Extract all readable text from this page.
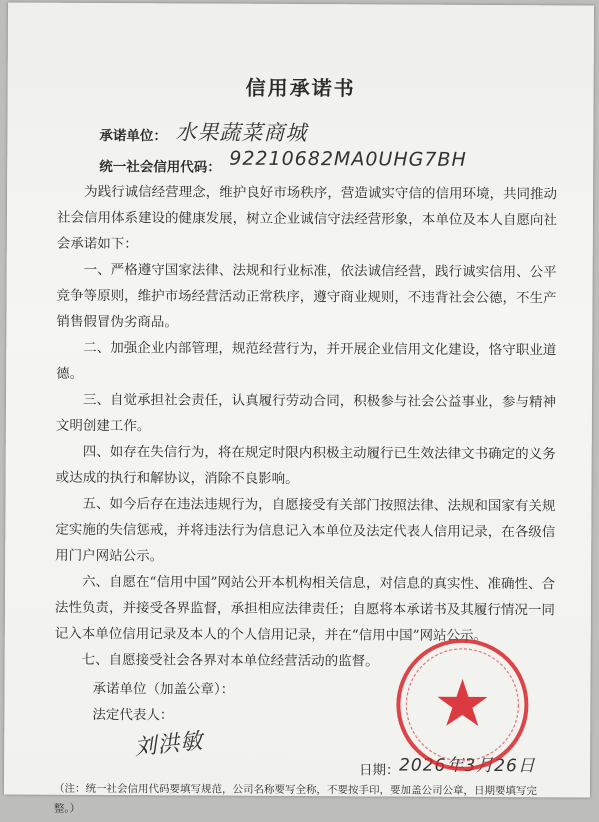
信用承诺书
承诺单位： 水果蔬菜商城
统一社会信用代码： 92210682MA0UHG7BH
为践行诚信经营理念，维护良好市场秩序，营造诚实守信的信用环境，共同推动社会信用体系建设的健康发展，树立企业诚信守法经营形象，本单位及本人自愿向社会承诺如下：
一、严格遵守国家法律、法规和行业标准，依法诚信经营，践行诚实信用、公平竞争等原则，维护市场经营活动正常秩序，遵守商业规则，不违背社会公德，不生产销售假冒伪劣商品。
二、加强企业内部管理，规范经营行为，并开展企业信用文化建设，恪守职业道德。
三、自觉承担社会责任，认真履行劳动合同，积极参与社会公益事业，参与精神文明创建工作。
四、如存在失信行为，将在规定时限内积极主动履行已生效法律文书确定的义务或达成的执行和解协议，消除不良影响。
五、如今后存在违法违规行为，自愿接受有关部门按照法律、法规和国家有关规定实施的失信惩戒，并将违法行为信息记入本单位及法定代表人信用记录，在各级信用门户网站公示。
六、自愿在“信用中国”网站公开本机构相关信息，对信息的真实性、准确性、合法性负责，并接受各界监督，承担相应法律责任；自愿将本承诺书及其履行情况一同记入本单位信用记录及本人的个人信用记录，并在“信用中国”网站公示。
七、自愿接受社会各界对本单位经营活动的监督。
承诺单位（加盖公章）：
法定代表人：
刘洪敏
日期： 2026年3月26日
（注：统一社会信用代码要填写规范，公司名称要写全称，不要按手印，要加盖公司公章，日期要填写完整。）
